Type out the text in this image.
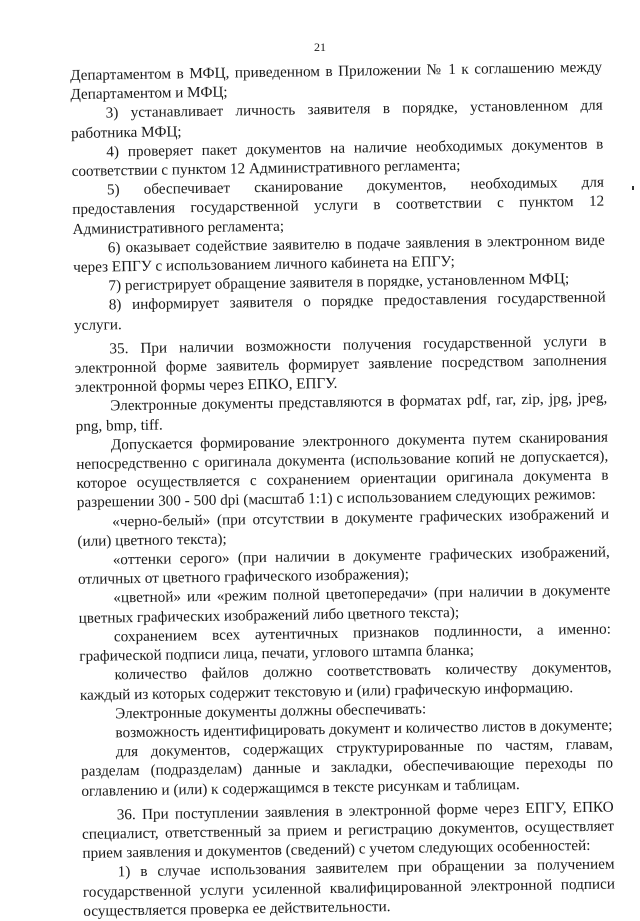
21

Департаментом в МФЦ, приведенном в Приложении № 1 к соглашению между Департаментом и МФЦ;

3) устанавливает личность заявителя в порядке, установленном для работника МФЦ;

4) проверяет пакет документов на наличие необходимых документов в соответствии с пунктом 12 Административного регламента;

5) обеспечивает сканирование документов, необходимых для предоставления государственной услуги в соответствии с пунктом 12 Административного регламента;

6) оказывает содействие заявителю в подаче заявления в электронном виде через ЕПГУ с использованием личного кабинета на ЕПГУ;

7) регистрирует обращение заявителя в порядке, установленном МФЦ;

8) информирует заявителя о порядке предоставления государственной услуги.

35. При наличии возможности получения государственной услуги в электронной форме заявитель формирует заявление посредством заполнения электронной формы через ЕПКО, ЕПГУ.

Электронные документы представляются в форматах pdf, rar, zip, jpg, jpeg, png, bmp, tiff.

Допускается формирование электронного документа путем сканирования непосредственно с оригинала документа (использование копий не допускается), которое осуществляется с сохранением ориентации оригинала документа в разрешении 300 - 500 dpi (масштаб 1:1) с использованием следующих режимов:

«черно-белый» (при отсутствии в документе графических изображений и (или) цветного текста);

«оттенки серого» (при наличии в документе графических изображений, отличных от цветного графического изображения);

«цветной» или «режим полной цветопередачи» (при наличии в документе цветных графических изображений либо цветного текста);

сохранением всех аутентичных признаков подлинности, а именно: графической подписи лица, печати, углового штампа бланка;

количество файлов должно соответствовать количеству документов, каждый из которых содержит текстовую и (или) графическую информацию.

Электронные документы должны обеспечивать:

возможность идентифицировать документ и количество листов в документе;

для документов, содержащих структурированные по частям, главам, разделам (подразделам) данные и закладки, обеспечивающие переходы по оглавлению и (или) к содержащимся в тексте рисункам и таблицам.

36. При поступлении заявления в электронной форме через ЕПГУ, ЕПКО специалист, ответственный за прием и регистрацию документов, осуществляет прием заявления и документов (сведений) с учетом следующих особенностей:

1) в случае использования заявителем при обращении за получением государственной услуги усиленной квалифицированной электронной подписи осуществляется проверка ее действительности.
